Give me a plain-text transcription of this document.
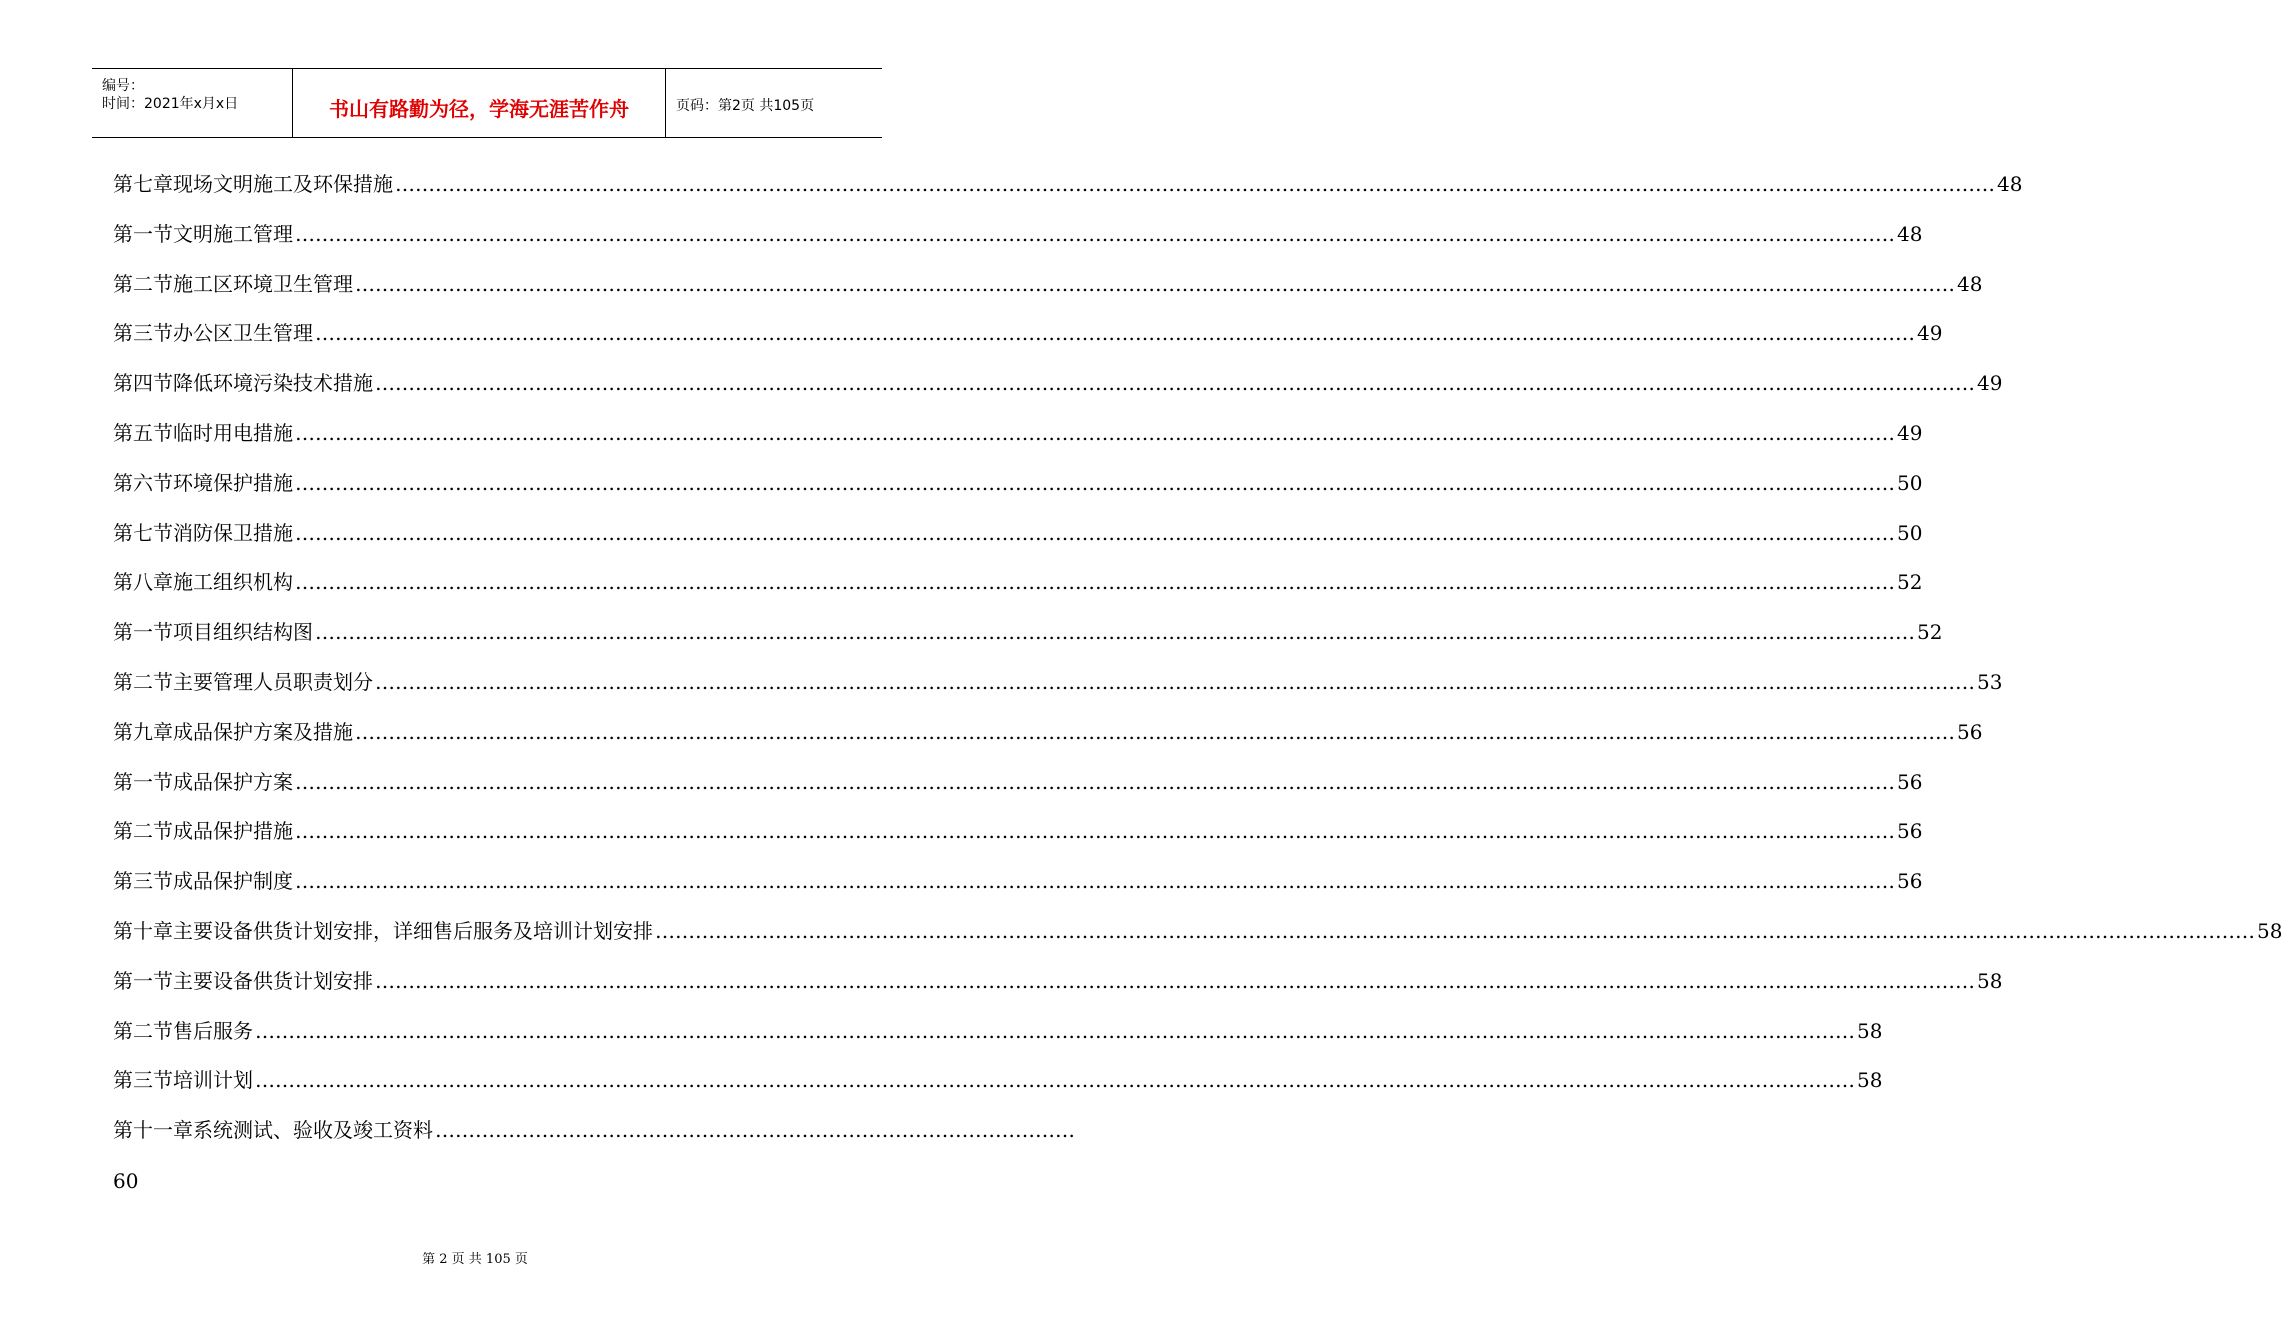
编号：
时间：2021年x月x日	书山有路勤为径，学海无涯苦作舟	页码：第2页 共105页
第七章 现场文明施工及环保措施 …………………………………………………………………………………………………………………………………………………………………………………………………………………… 48
第一节 文明施工管理 …………………………………………………………………………………………………………………………………………………………………………………………………………………… 48
第二节 施工区环境卫生管理 …………………………………………………………………………………………………………………………………………………………………………………………………………………… 48
第三节 办公区卫生管理 …………………………………………………………………………………………………………………………………………………………………………………………………………………… 49
第四节 降低环境污染技术措施 …………………………………………………………………………………………………………………………………………………………………………………………………………………… 49
第五节 临时用电措施 …………………………………………………………………………………………………………………………………………………………………………………………………………………… 49
第六节 环境保护措施 …………………………………………………………………………………………………………………………………………………………………………………………………………………… 50
第七节 消防保卫措施 …………………………………………………………………………………………………………………………………………………………………………………………………………………… 50
第八章 施工组织机构 …………………………………………………………………………………………………………………………………………………………………………………………………………………… 52
第一节 项目组织结构图 …………………………………………………………………………………………………………………………………………………………………………………………………………………… 52
第二节 主要管理人员职责划分 …………………………………………………………………………………………………………………………………………………………………………………………………………………… 53
第九章 成品保护方案及措施 …………………………………………………………………………………………………………………………………………………………………………………………………………………… 56
第一节 成品保护方案 …………………………………………………………………………………………………………………………………………………………………………………………………………………… 56
第二节 成品保护措施 …………………………………………………………………………………………………………………………………………………………………………………………………………………… 56
第三节 成品保护制度 …………………………………………………………………………………………………………………………………………………………………………………………………………………… 56
第十章 主要设备供货计划安排，详细售后服务及培训计划安排 …………………………………………………………………………………………………………………………………………………………………………………………………………………… 58
第一节 主要设备供货计划安排 …………………………………………………………………………………………………………………………………………………………………………………………………………………… 58
第二节 售后服务 …………………………………………………………………………………………………………………………………………………………………………………………………………………… 58
第三节 培训计划 …………………………………………………………………………………………………………………………………………………………………………………………………………………… 58
第十一章 系统测试、验收及竣工资料 ……………………………………………………………………………………
60
第 2 页 共 105 页
